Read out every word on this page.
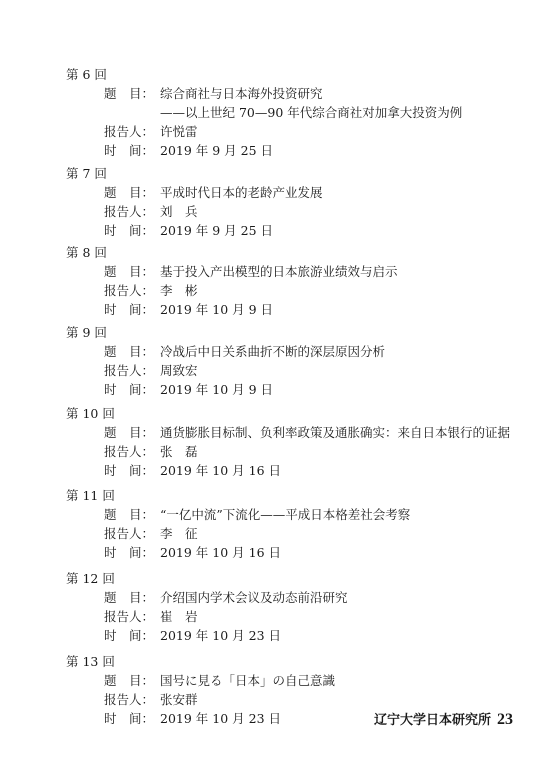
第 6 回
题　目： 综合商社与日本海外投资研究
——以上世纪 70—90 年代综合商社对加拿大投资为例
报告人： 许悦雷
时　间： 2019 年 9 月 25 日
第 7 回
题　目： 平成时代日本的老龄产业发展
报告人： 刘　兵
时　间： 2019 年 9 月 25 日
第 8 回
题　目： 基于投入产出模型的日本旅游业绩效与启示
报告人： 李　彬
时　间： 2019 年 10 月 9 日
第 9 回
题　目： 冷战后中日关系曲折不断的深层原因分析
报告人： 周致宏
时　间： 2019 年 10 月 9 日
第 10 回
题　目： 通货膨胀目标制、负利率政策及通胀确实：来自日本银行的证据
报告人： 张　磊
时　间： 2019 年 10 月 16 日
第 11 回
题　目： “一亿中流”下流化——平成日本格差社会考察
报告人： 李　征
时　间： 2019 年 10 月 16 日
第 12 回
题　目： 介绍国内学术会议及动态前沿研究
报告人： 崔　岩
时　间： 2019 年 10 月 23 日
第 13 回
题　目： 国号に見る「日本」の自己意識
报告人： 张安群
时　间： 2019 年 10 月 23 日	辽宁大学日本研究所 23
